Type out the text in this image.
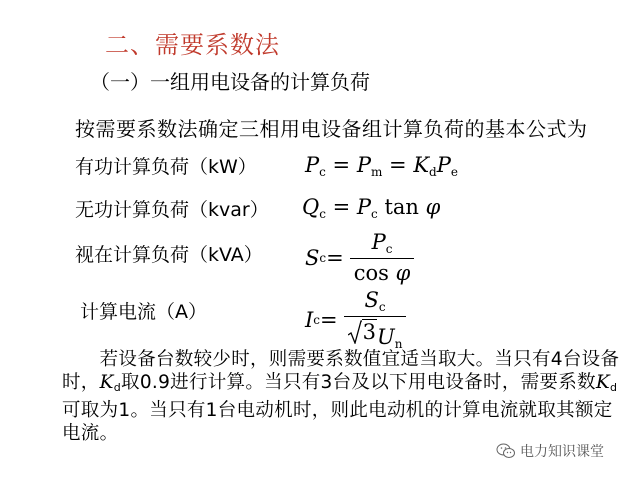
二、需要系数法
（一）一组用电设备的计算负荷
按需要系数法确定三相用电设备组计算负荷的基本公式为
有功计算负荷（kW） $P_c = P_m = K_dP_e$
无功计算负荷（kvar） $Q_c = P_c$ tan φ
视在计算负荷（kVA） S $c = \frac{P_c}{\text{cos φ}}$
计算电流（A）	I $c = \frac{S_c}{3 U_n}$
  若设备台数较少时，则需要系数值宜适当取大。当只有4台设备时，$K_d$取0.9进行计算。当只有3台及以下用电设备时，需要系数$K_d$可取为1。当只有1台电动机时，则此电动机的计算电流就取其额定电流。
电力知识课堂
